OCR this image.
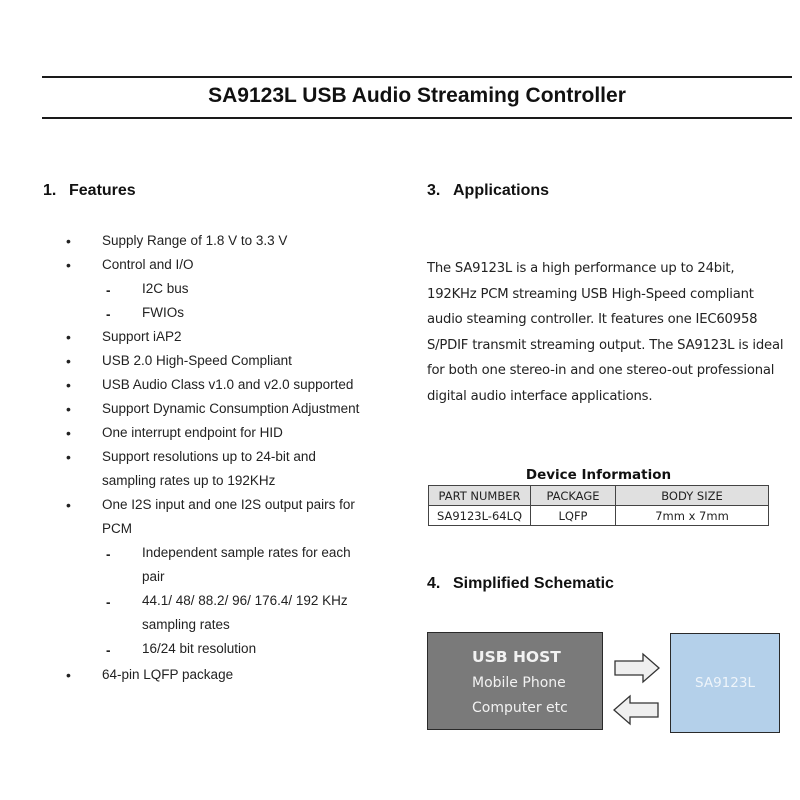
SA9123L USB Audio Streaming Controller
1. Features
• Supply Range of 1.8 V to 3.3 V
• Control and I/O
- I2C bus
- FWIOs
• Support iAP2
• USB 2.0 High-Speed Compliant
• USB Audio Class v1.0 and v2.0 supported
• Support Dynamic Consumption Adjustment
• One interrupt endpoint for HID
• Support resolutions up to 24-bit and sampling rates up to 192KHz
• One I2S input and one I2S output pairs for PCM
- Independent sample rates for each pair
- 44.1/ 48/ 88.2/ 96/ 176.4/ 192 KHz sampling rates
- 16/24 bit resolution
• 64-pin LQFP package
3. Applications
The SA9123L is a high performance up to 24bit, 192KHz PCM streaming USB High-Speed compliant audio steaming controller. It features one IEC60958 S/PDIF transmit streaming output. The SA9123L is ideal for both one stereo-in and one stereo-out professional digital audio interface applications.
Device Information
PART NUMBER	PACKAGE	BODY SIZE
SA9123L-64LQ	LQFP	7mm x 7mm
4. Simplified Schematic
USB HOST
Mobile Phone
Computer etc
SA9123L
